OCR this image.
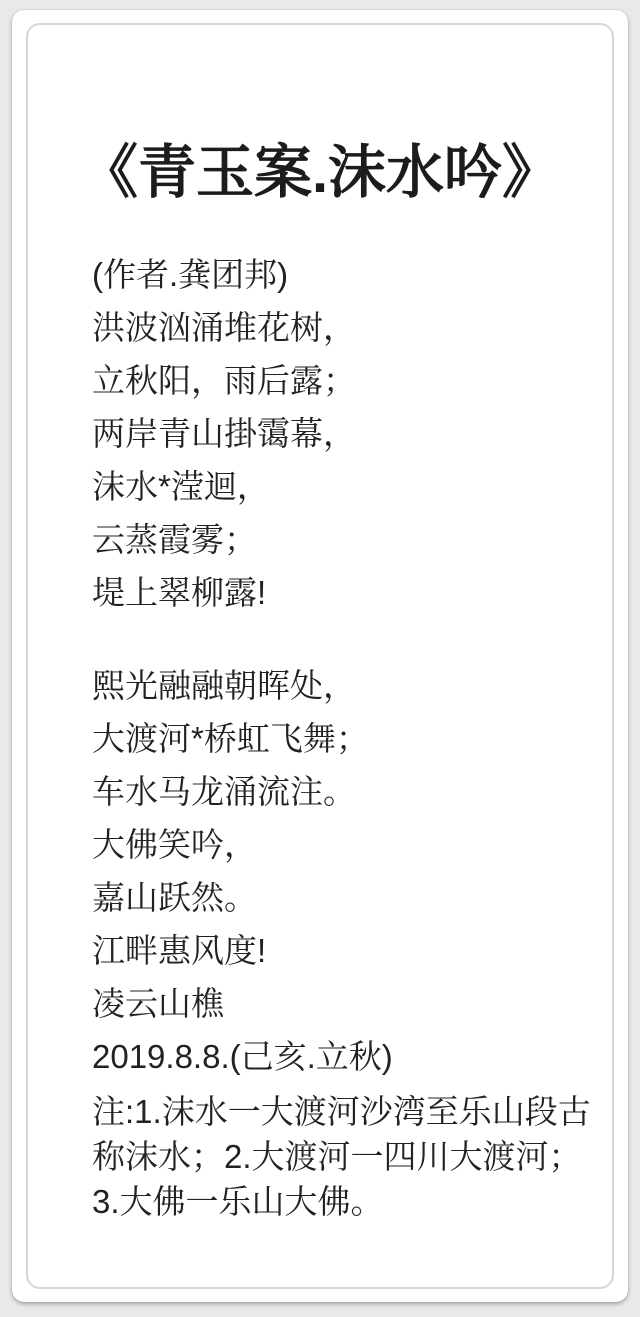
《青玉案.沫水吟》

(作者.龚团邦)

洪波汹涌堆花树，

立秋阳，雨后露；

两岸青山掛霭幕，

沫水*滢迴，

云蒸霞雾；

堤上翠柳露!

熙光融融朝晖处，

大渡河*桥虹飞舞；

车水马龙涌流注。

大佛笑吟，

嘉山跃然。

江畔惠风度!

凌云山樵

2019.8.8.(己亥.立秋)

注:1.沫水一大渡河沙湾至乐山段古称沫水；2.大渡河一四川大渡河；3.大佛一乐山大佛。
